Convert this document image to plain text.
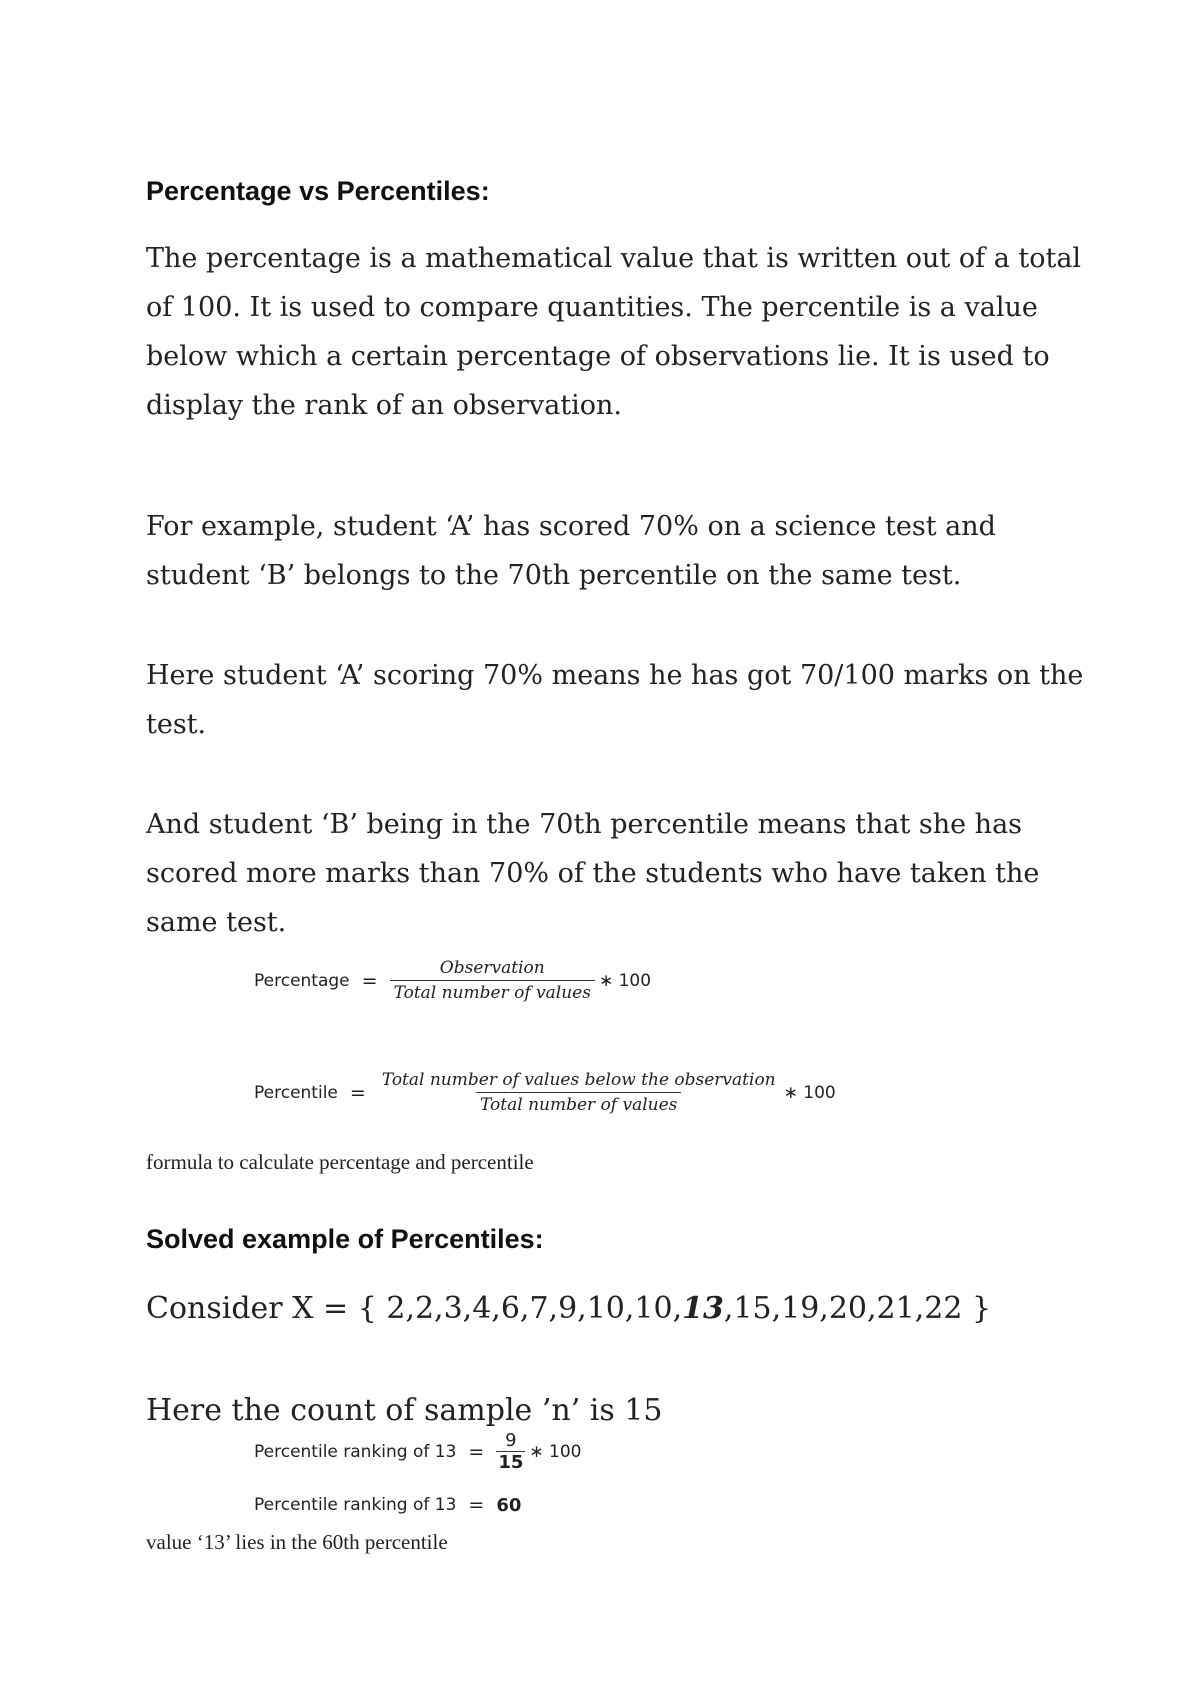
Percentage vs Percentiles:

The percentage is a mathematical value that is written out of a total of 100. It is used to compare quantities. The percentile is a value below which a certain percentage of observations lie. It is used to display the rank of an observation.

For example, student ‘A’ has scored 70% on a science test and student ‘B’ belongs to the 70th percentile on the same test.

Here student ‘A’ scoring 70% means he has got 70/100 marks on the test.

And student ‘B’ being in the 70th percentile means that she has scored more marks than 70% of the students who have taken the same test.

Percentage = $\frac{\text{Observation}}{\text{Total number of values}}$ ∗ 100
Percentile = $\frac{\text{Total number of values below the observation}}{\text{Total number of values}}$ ∗ 100

formula to calculate percentage and percentile

Solved example of Percentiles:

Consider X = { 2,2,3,4,6,7,9,10,10,13,15,19,20,21,22 }

Here the count of sample ’n’ is 15

Percentile ranking of $13 = \frac{9}{15}$ ∗ 100
Percentile ranking of 13 = 60

value ‘13’ lies in the 60th percentile
